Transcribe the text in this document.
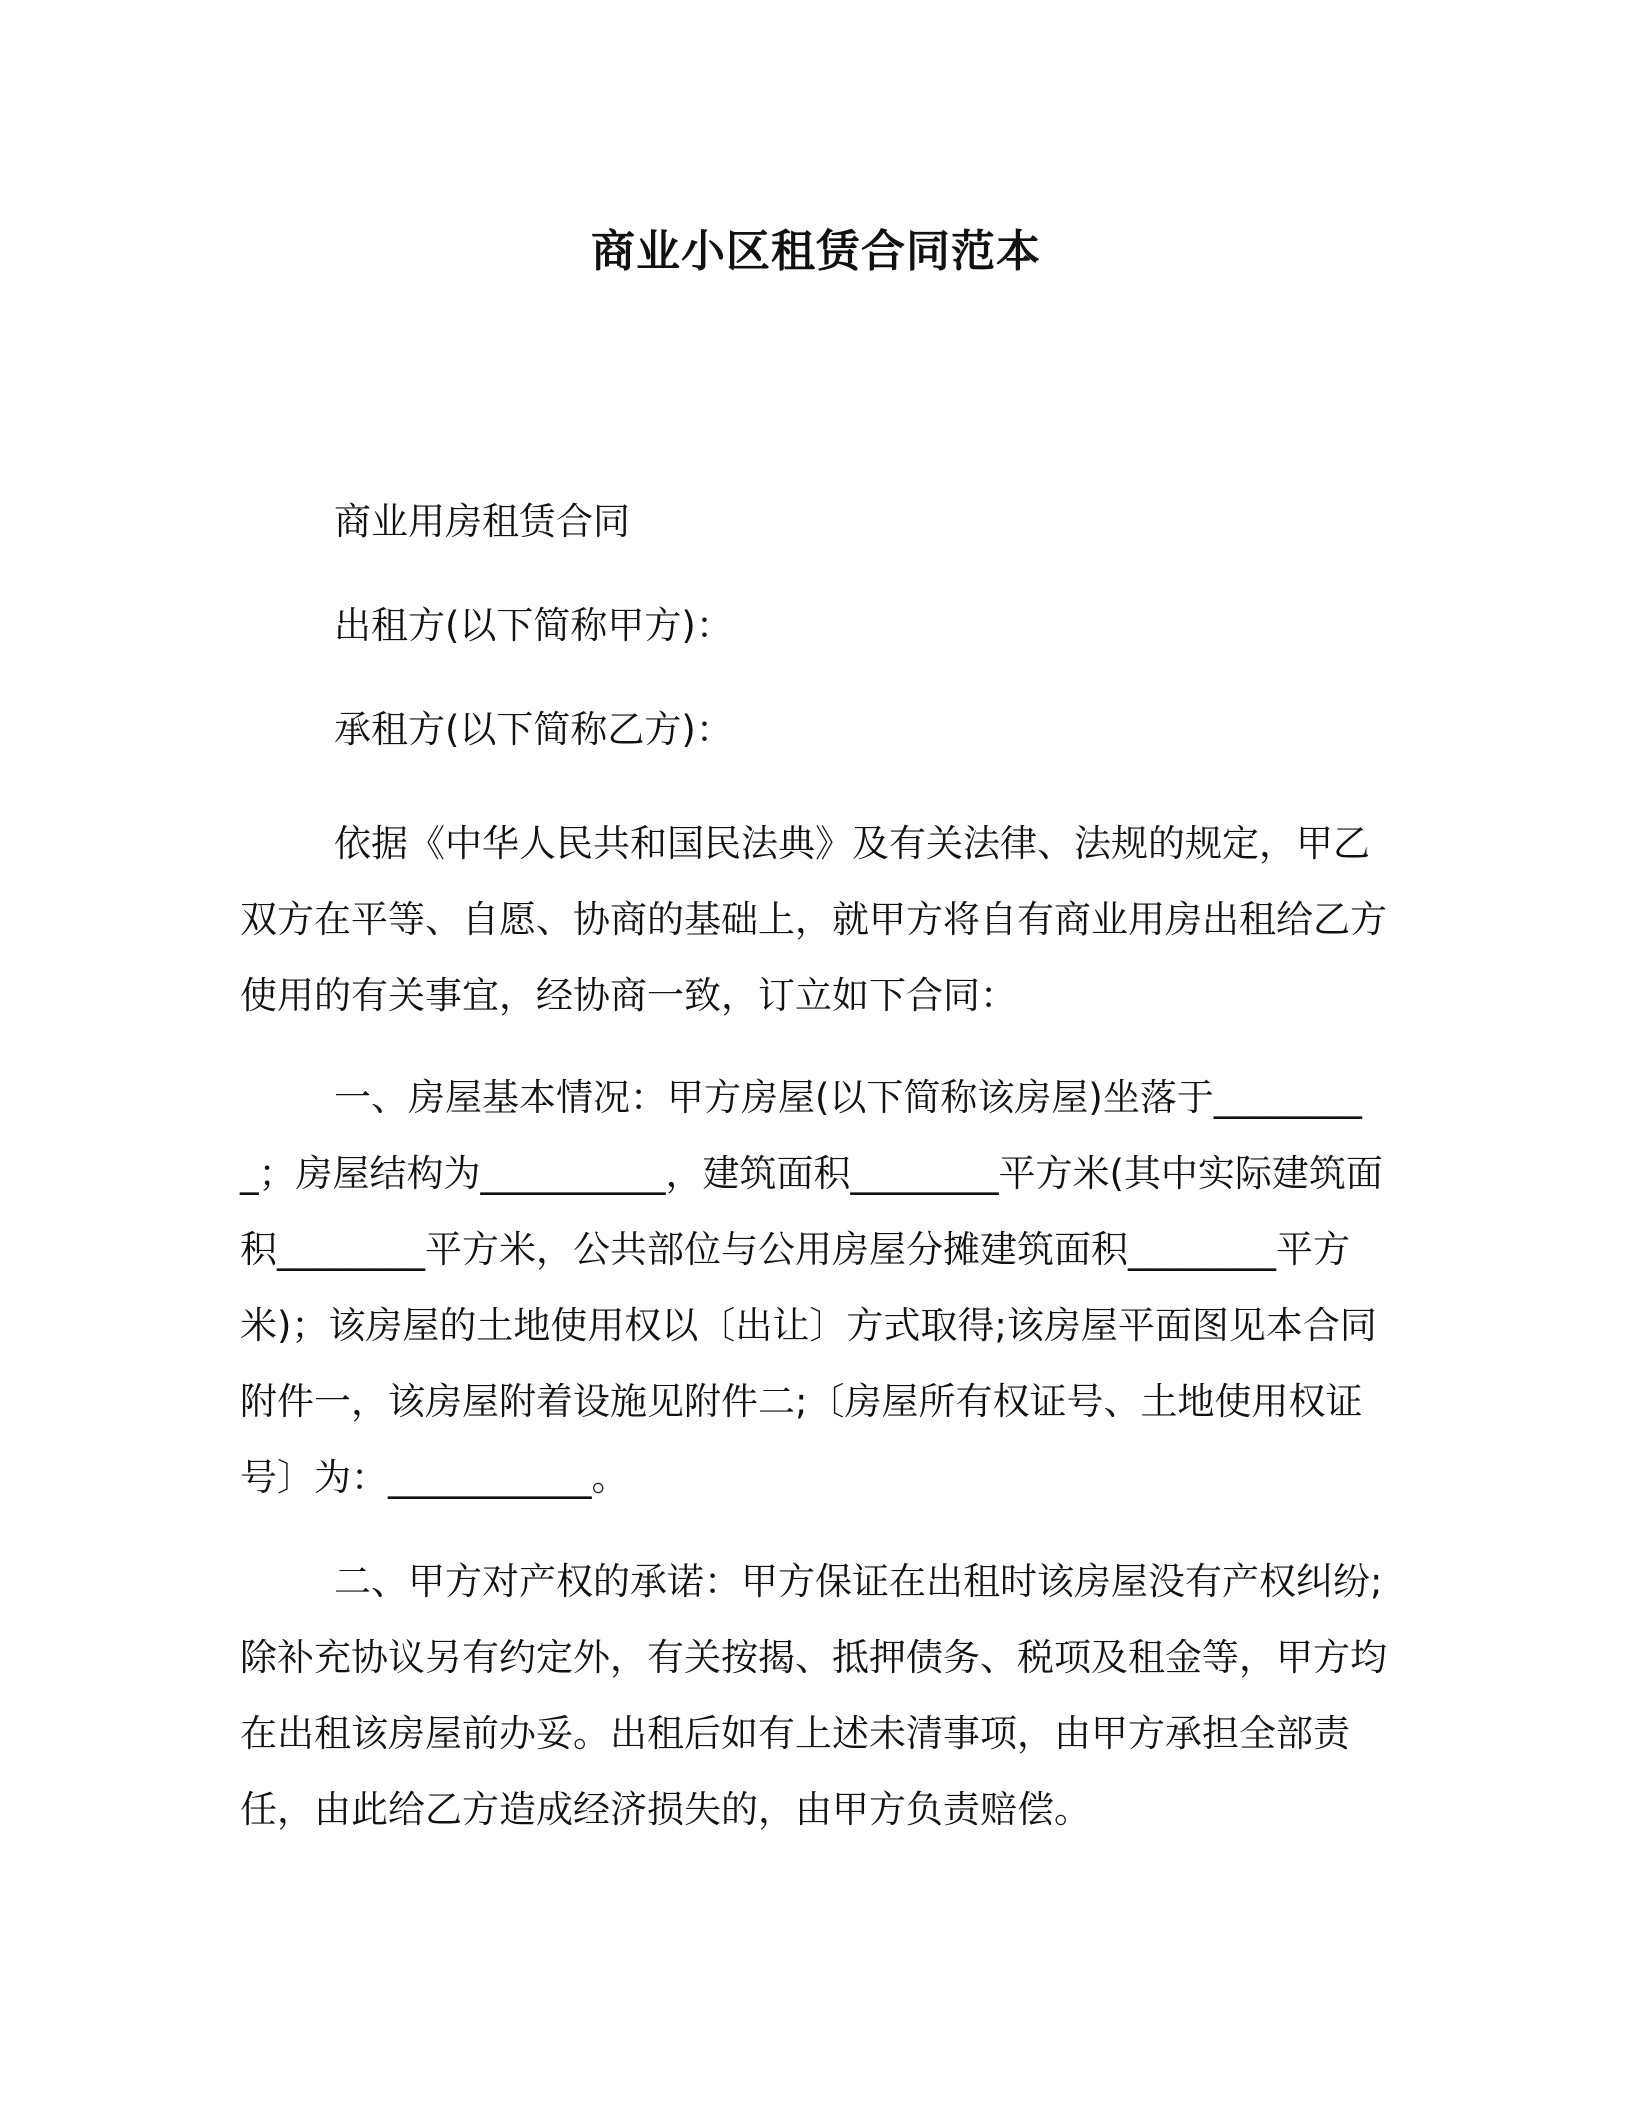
商业小区租赁合同范本

商业用房租赁合同

出租方(以下简称甲方)：

承租方(以下简称乙方)：

依据《中华人民共和国民法典》及有关法律、法规的规定，甲乙双方在平等、自愿、协商的基础上，就甲方将自有商业用房出租给乙方使用的有关事宜，经协商一致，订立如下合同：

一、房屋基本情况：甲方房屋(以下简称该房屋)坐落于_________；房屋结构为__________，建筑面积________平方米(其中实际建筑面积________平方米，公共部位与公用房屋分摊建筑面积________平方米)；该房屋的土地使用权以〔出让〕方式取得;该房屋平面图见本合同附件一，该房屋附着设施见附件二;〔房屋所有权证号、土地使用权证号〕为：___________。

二、甲方对产权的承诺：甲方保证在出租时该房屋没有产权纠纷;除补充协议另有约定外，有关按揭、抵押债务、税项及租金等，甲方均在出租该房屋前办妥。出租后如有上述未清事项，由甲方承担全部责任，由此给乙方造成经济损失的，由甲方负责赔偿。
